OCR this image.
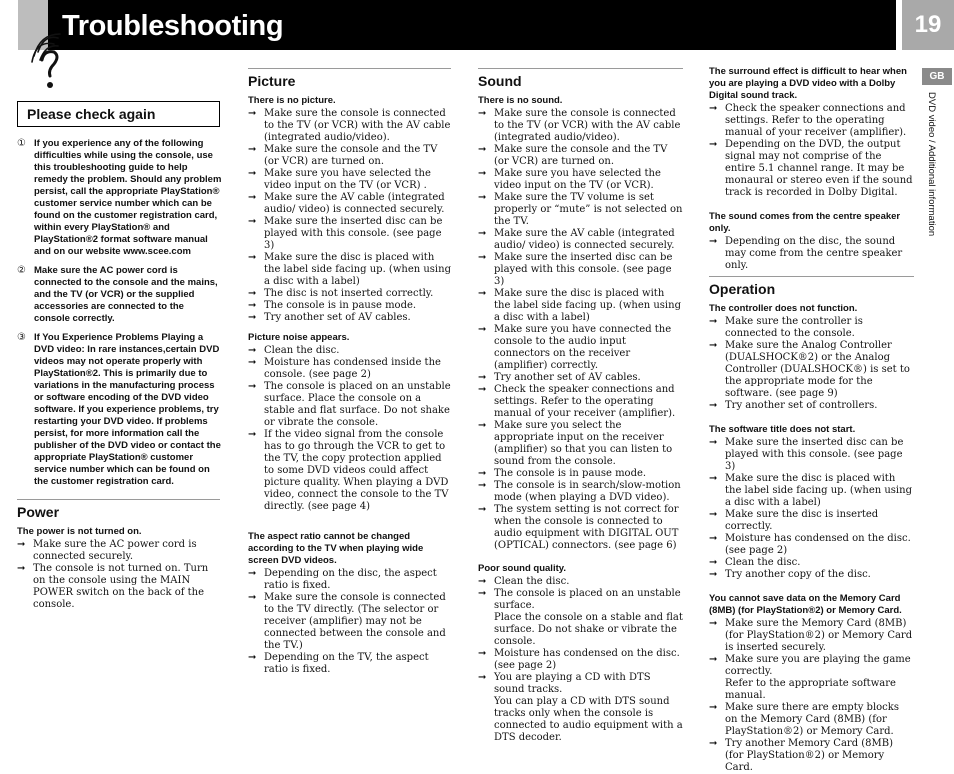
Troubleshooting	19
GB
DVD video / Additional information
Please check again
① If you experience any of the following difficulties while using the console, use this troubleshooting guide to help remedy the problem. Should any problem persist, call the appropriate PlayStation® customer service number which can be found on the customer registration card, within every PlayStation® and PlayStation®2 format software manual and on our website www.scee.com
② Make sure the AC power cord is connected to the console and the mains, and the TV (or VCR) or the supplied accessories are connected to the console correctly.
③ If You Experience Problems Playing a DVD video: In rare instances,certain DVD videos may not operate properly with PlayStation®2. This is primarily due to variations in the manufacturing process or software encoding of the DVD video software. If you experience problems, try restarting your DVD video. If problems persist, for more information call the publisher of the DVD video or contact the appropriate PlayStation® customer service number which can be found on the customer registration card.
Power
The power is not turned on.
➞ Make sure the AC power cord is connected securely.
➞ The console is not turned on. Turn on the console using the MAIN POWER switch on the back of the console.
Picture
There is no picture.
➞ Make sure the console is connected to the TV (or VCR) with the AV cable (integrated audio/video).
➞ Make sure the console and the TV (or VCR) are turned on.
➞ Make sure you have selected the video input on the TV (or VCR) .
➞ Make sure the AV cable (integrated audio/ video) is connected securely.
➞ Make sure the inserted disc can be played with this console. (see page 3)
➞ Make sure the disc is placed with the label side facing up. (when using a disc with a label)
➞ The disc is not inserted correctly.
➞ The console is in pause mode.
➞ Try another set of AV cables.
Picture noise appears.
➞ Clean the disc.
➞ Moisture has condensed inside the console. (see page 2)
➞ The console is placed on an unstable surface. Place the console on a stable and flat surface. Do not shake or vibrate the console.
➞ If the video signal from the console has to go through the VCR to get to the TV, the copy protection applied to some DVD videos could affect picture quality. When playing a DVD video, connect the console to the TV directly. (see page 4)
The aspect ratio cannot be changed according to the TV when playing wide screen DVD videos.
➞ Depending on the disc, the aspect ratio is fixed.
➞ Make sure the console is connected to the TV directly. (The selector or receiver (amplifier) may not be connected between the console and the TV.)
➞ Depending on the TV, the aspect ratio is fixed.
Sound
There is no sound.
➞ Make sure the console is connected to the TV (or VCR) with the AV cable (integrated audio/video).
➞ Make sure the console and the TV (or VCR) are turned on.
➞ Make sure you have selected the video input on the TV (or VCR).
➞ Make sure the TV volume is set properly or “mute” is not selected on the TV.
➞ Make sure the AV cable (integrated audio/ video) is connected securely.
➞ Make sure the inserted disc can be played with this console. (see page 3)
➞ Make sure the disc is placed with the label side facing up. (when using a disc with a label)
➞ Make sure you have connected the console to the audio input connectors on the receiver (amplifier) correctly.
➞ Try another set of AV cables.
➞ Check the speaker connections and settings. Refer to the operating manual of your receiver (amplifier).
➞ Make sure you select the appropriate input on the receiver (amplifier) so that you can listen to sound from the console.
➞ The console is in pause mode.
➞ The console is in search/slow-motion mode (when playing a DVD video).
➞ The system setting is not correct for when the console is connected to audio equipment with DIGITAL OUT (OPTICAL) connectors. (see page 6)
Poor sound quality.
➞ Clean the disc.
➞ The console is placed on an unstable surface.
Place the console on a stable and flat surface. Do not shake or vibrate the console.
➞ Moisture has condensed on the disc.
(see page 2)
➞ You are playing a CD with DTS sound tracks.
You can play a CD with DTS sound tracks only when the console is connected to audio equipment with a DTS decoder.
The surround effect is difficult to hear when you are playing a DVD video with a Dolby Digital sound track.
➞ Check the speaker connections and settings. Refer to the operating manual of your receiver (amplifier).
➞ Depending on the DVD, the output signal may not comprise of the entire 5.1 channel range. It may be monaural or stereo even if the sound track is recorded in Dolby Digital.
The sound comes from the centre speaker only.
➞ Depending on the disc, the sound may come from the centre speaker only.
Operation
The controller does not function.
➞ Make sure the controller is connected to the console.
➞ Make sure the Analog Controller (DUALSHOCK®2) or the Analog Controller (DUALSHOCK®) is set to the appropriate mode for the software. (see page 9)
➞ Try another set of controllers.
The software title does not start.
➞ Make sure the inserted disc can be played with this console. (see page 3)
➞ Make sure the disc is placed with the label side facing up. (when using a disc with a label)
➞ Make sure the disc is inserted correctly.
➞ Moisture has condensed on the disc.
(see page 2)
➞ Clean the disc.
➞ Try another copy of the disc.
You cannot save data on the Memory Card (8MB) (for PlayStation®2) or Memory Card.
➞ Make sure the Memory Card (8MB) (for PlayStation®2) or Memory Card is inserted securely.
➞ Make sure you are playing the game correctly.
Refer to the appropriate software manual.
➞ Make sure there are empty blocks on the Memory Card (8MB) (for PlayStation®2) or Memory Card.
➞ Try another Memory Card (8MB) (for PlayStation®2) or Memory Card.
